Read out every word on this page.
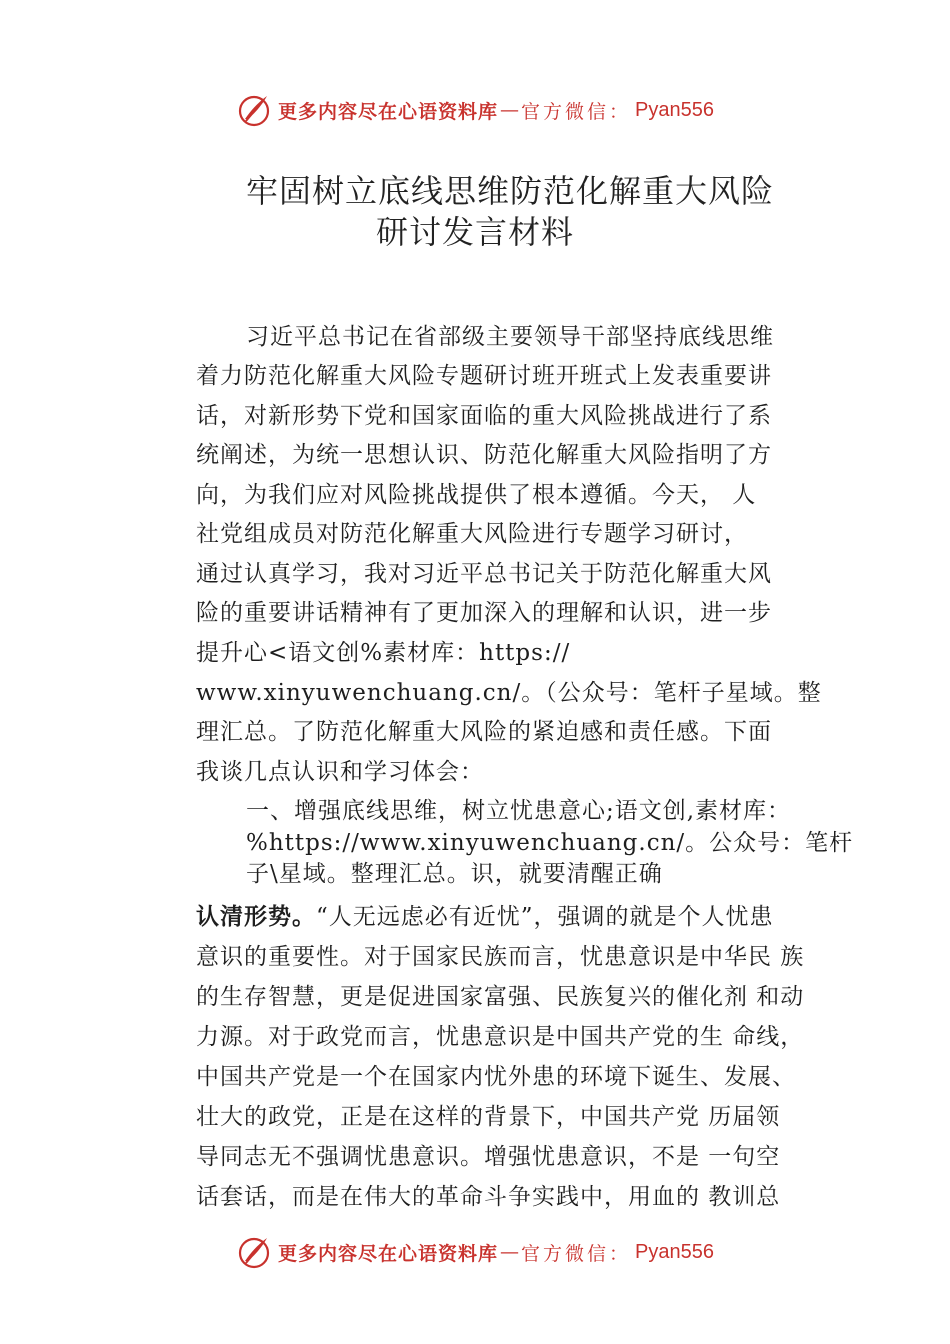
更多内容尽在心语资料库 — 官方微信： Pyan556
牢固树立底线思维防范化解重大风险
研讨发言材料
习近平总书记在省部级主要领导干部坚持底线思维
着力防范化解重大风险专题研讨班开班式上发表重要讲
话，对新形势下党和国家面临的重大风险挑战进行了系
统阐述，为统一思想认识、防范化解重大风险指明了方
向，为我们应对风险挑战提供了根本遵循。今天， 人
社党组成员对防范化解重大风险进行专题学习研讨，
通过认真学习，我对习近平总书记关于防范化解重大风
险的重要讲话精神有了更加深入的理解和认识，进一步
提升心<语文创%素材库：https://
www.xinyuwenchuang.cn/。（公众号：笔杆子星域。整
理汇总。了防范化解重大风险的紧迫感和责任感。下面
我谈几点认识和学习体会：
一、增强底线思维，树立忧患意心;语文创,素材库：
%https://www.xinyuwenchuang.cn/。公众号：笔杆
子\星域。整理汇总。识，就要清醒正确
认清形势。“人无远虑必有近忧”，强调的就是个人忧患
意识的重要性。对于国家民族而言，忧患意识是中华民 族
的生存智慧，更是促进国家富强、民族复兴的催化剂 和动
力源。对于政党而言，忧患意识是中国共产党的生 命线，
中国共产党是一个在国家内忧外患的环境下诞生、发展、
壮大的政党，正是在这样的背景下，中国共产党 历届领
导同志无不强调忧患意识。增强忧患意识，不是 一句空
话套话，而是在伟大的革命斗争实践中，用血的 教训总
更多内容尽在心语资料库 — 官方微信： Pyan556
